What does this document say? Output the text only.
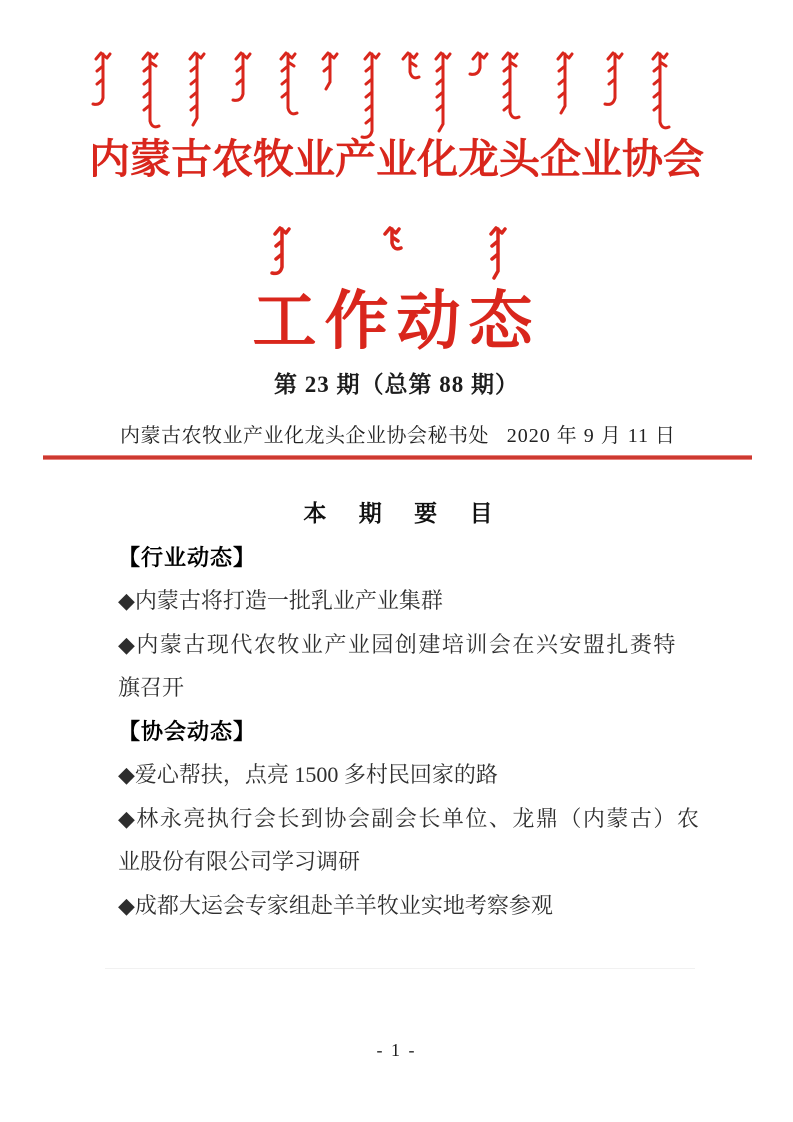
内蒙古农牧业产业化龙头企业协会
工作动态
第 23 期（总第 88 期）
内蒙古农牧业产业化龙头企业协会秘书处 2020 年 9 月 11 日
本 期 要 目
【行业动态】
◆内蒙古将打造一批乳业产业集群
◆内蒙古现代农牧业产业园创建培训会在兴安盟扎赉特
旗召开
【协会动态】
◆爱心帮扶，点亮 1500 多村民回家的路
◆林永亮执行会长到协会副会长单位、龙鼎（内蒙古）农
业股份有限公司学习调研
◆成都大运会专家组赴羊羊牧业实地考察参观
- 1 -
